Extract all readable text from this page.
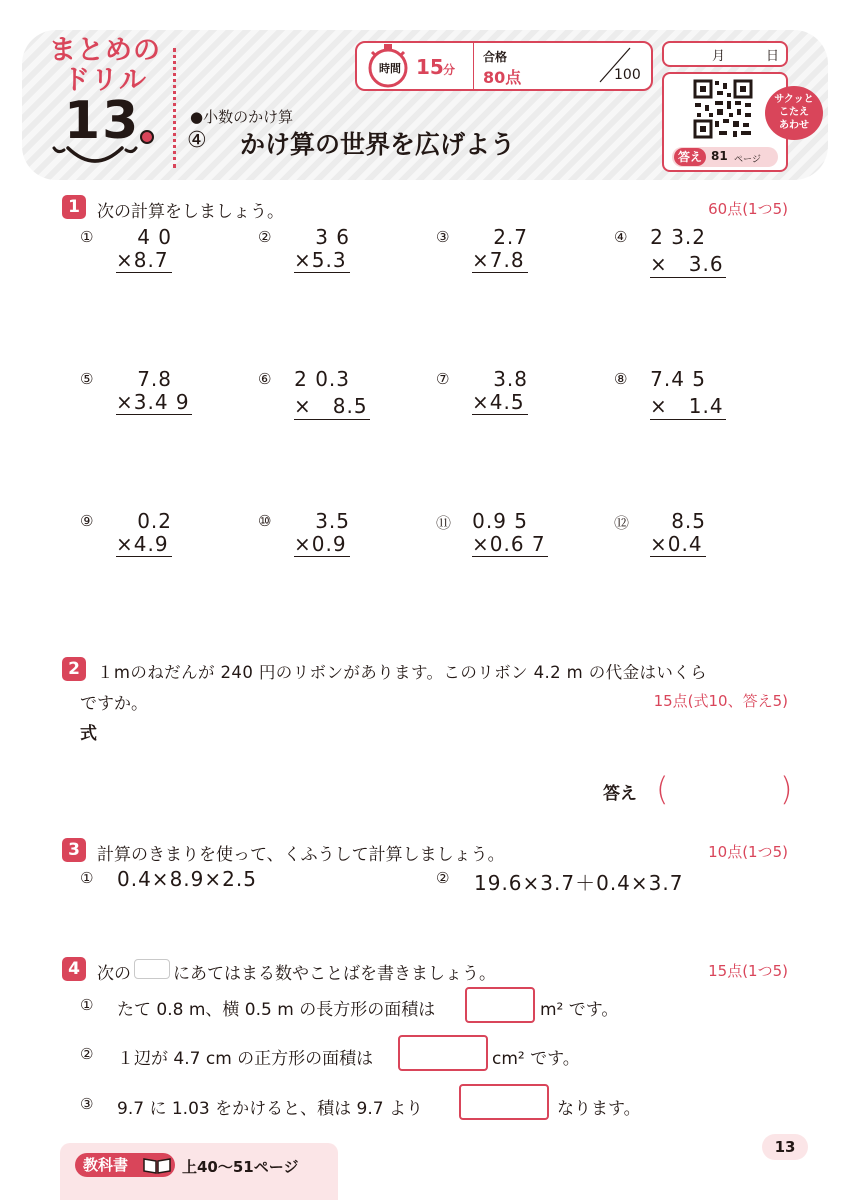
まとめの
ドリル
13	●小数のかけ算
④ かけ算の世界を広げよう
時間 15 分
合格
80点	100
月	日
答え 81 ページ
サクッと
こたえ
あわせ
1	次の計算をしましょう。	60点(1つ5)
① 4 0
×8.7
② 3 6
×5.3
③ 2.7
×7.8
④ 2 3.2
×　3.6
⑤ 7.8
×3.4 9
⑥ 2 0.3
×　8.5
⑦ 3.8
×4.5
⑧ 7.4 5
×　1.4
⑨ 0.2
×4.9
⑩ 3.5
×0.9
⑪ 0.9 5
×0.6 7
⑫ 8.5
×0.4
2	１mのねだんが 240 円のリボンがあります。このリボン 4.2 m の代金はいくら
ですか。	15点(式10、答え5)
式
答え (	)
3	計算のきまりを使って、くふうして計算しましょう。	10点(1つ5)
① 0.4×8.9×2.5	② 19.6×3.7＋0.4×3.7
4	次の にあてはまる数やことばを書きましょう。	15点(1つ5)
① たて 0.8 m、横 0.5 m の長方形の面積は	m² です。
② １辺が 4.7 cm の正方形の面積は	cm² です。
③ 9.7 に 1.03 をかけると、積は 9.7 より	なります。
教科書	上40〜51ページ
13
